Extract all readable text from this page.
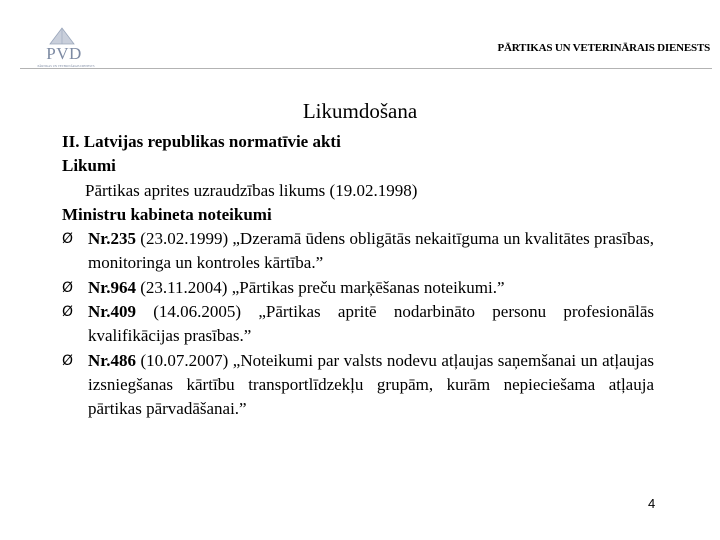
PVD
PĀRTIKAS UN VETERINĀRAIS DIENESTS
PĀRTIKAS UN VETERINĀRAIS DIENESTS
Likumdošana

II. Latvijas republikas normatīvie akti

Likumi

Pārtikas aprites uzraudzības likums (19.02.1998)

Ministru kabineta noteikumi

Ø Nr.235 (23.02.1999) „Dzeramā ūdens obligātās nekaitīguma un kvalitātes prasības, monitoringa un kontroles kārtība.”
Ø Nr.964 (23.11.2004) „Pārtikas preču marķēšanas noteikumi.”
Ø Nr.409 (14.06.2005) „Pārtikas apritē nodarbināto personu profesionālās kvalifikācijas prasības.”
Ø Nr.486 (10.07.2007) „Noteikumi par valsts nodevu atļaujas saņemšanai un atļaujas izsniegšanas kārtību transportlīdzekļu grupām, kurām nepieciešama atļauja pārtikas pārvadāšanai.”
4
